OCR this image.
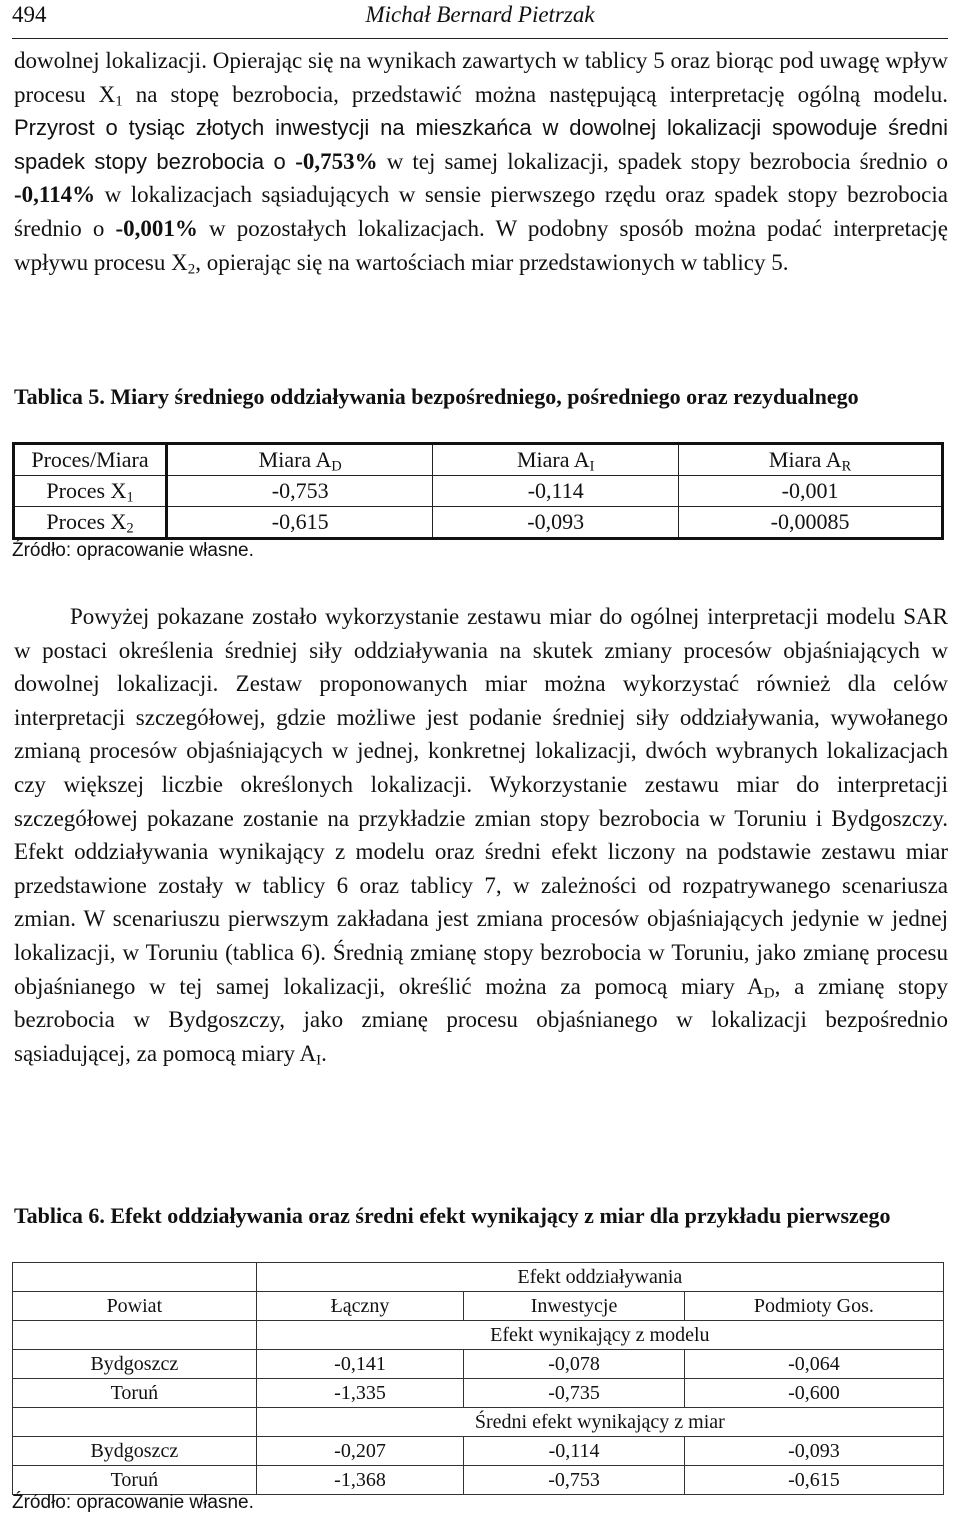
494	Michał Bernard Pietrzak

dowolnej lokalizacji. Opierając się na wynikach zawartych w tablicy 5 oraz biorąc pod uwagę wpływ procesu $X_1$ na stopę bezrobocia, przedstawić można następującą interpretację ogólną modelu. Przyrost o tysiąc złotych inwestycji na mieszkańca w dowolnej lokalizacji spowoduje średni spadek stopy bezrobocia o -0,753% w tej samej lokalizacji, spadek stopy bezrobocia średnio o -0,114% w lokalizacjach sąsiadujących w sensie pierwszego rzędu oraz spadek stopy bezrobocia średnio o -0,001% w pozostałych lokalizacjach. W podobny sposób można podać interpretację wpływu procesu $X_2$, opierając się na wartościach miar przedstawionych w tablicy 5.

Tablica 5. Miary średniego oddziaływania bezpośredniego, pośredniego oraz rezydualnego

Proces/Miara	Miara $A_D$	Miara $A_I$	Miara $A_R$
Proces $X_1$	-0,753	-0,114	-0,001
Proces $X_2$	-0,615	-0,093	-0,00085
Źródło: opracowanie własne.

Powyżej pokazane zostało wykorzystanie zestawu miar do ogólnej interpretacji modelu SAR w postaci określenia średniej siły oddziaływania na skutek zmiany procesów objaśniających w dowolnej lokalizacji. Zestaw proponowanych miar można wykorzystać również dla celów interpretacji szczegółowej, gdzie możliwe jest podanie średniej siły oddziaływania, wywołanego zmianą procesów objaśniających w jednej, konkretnej lokalizacji, dwóch wybranych lokalizacjach czy większej liczbie określonych lokalizacji. Wykorzystanie zestawu miar do interpretacji szczegółowej pokazane zostanie na przykładzie zmian stopy bezrobocia w Toruniu i Bydgoszczy. Efekt oddziaływania wynikający z modelu oraz średni efekt liczony na podstawie zestawu miar przedstawione zostały w tablicy 6 oraz tablicy 7, w zależności od rozpatrywanego scenariusza zmian. W scenariuszu pierwszym zakładana jest zmiana procesów objaśniających jedynie w jednej lokalizacji, w Toruniu (tablica 6). Średnią zmianę stopy bezrobocia w Toruniu, jako zmianę procesu objaśnianego w tej samej lokalizacji, określić można za pomocą miary $A_D$, a zmianę stopy bezrobocia w Bydgoszczy, jako zmianę procesu objaśnianego w lokalizacji bezpośrednio sąsiadującej, za pomocą miary $A_I$.

Tablica 6. Efekt oddziaływania oraz średni efekt wynikający z miar dla przykładu pierwszego

	Efekt oddziaływania		
Powiat	Łączny	Inwestycje	Podmioty Gos.
	Efekt wynikający z modelu		
Bydgoszcz	-0,141	-0,078	-0,064
Toruń	-1,335	-0,735	-0,600
	Średni efekt wynikający z miar		
Bydgoszcz	-0,207	-0,114	-0,093
Toruń	-1,368	-0,753	-0,615
Źródło: opracowanie własne.
